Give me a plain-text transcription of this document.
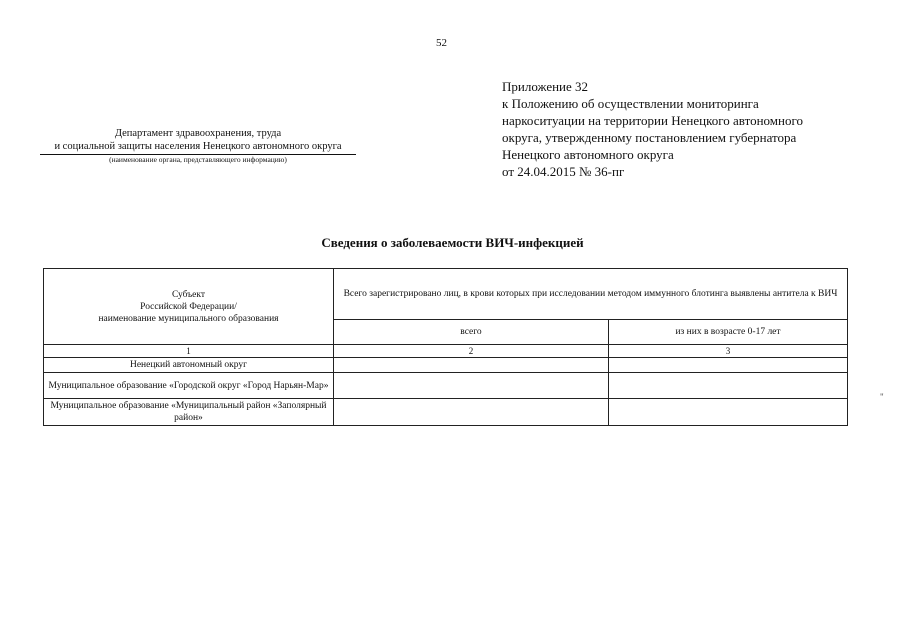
52
Приложение 32
к Положению об осуществлении мониторинга
наркоситуации на территории Ненецкого автономного
округа, утвержденному постановлением губернатора
Ненецкого автономного округа
от 24.04.2015 № 36-пг
Департамент здравоохранения, труда
и социальной защиты населения Ненецкого автономного округа
(наименование органа, представляющего информацию)
Сведения о заболеваемости ВИЧ-инфекцией
Субъект
Российской Федерации/
наименование муниципального образования	Всего зарегистрировано лиц, в крови которых при исследовании методом иммунного блотинга выявлены антитела к ВИЧ	
	всего	из них в возрасте 0-17 лет
1	2	3
Ненецкий автономный округ		
Муниципальное образование «Городской округ «Город Нарьян-Мар»		
Муниципальное образование «Муниципальный район «Заполярный район»		
"
